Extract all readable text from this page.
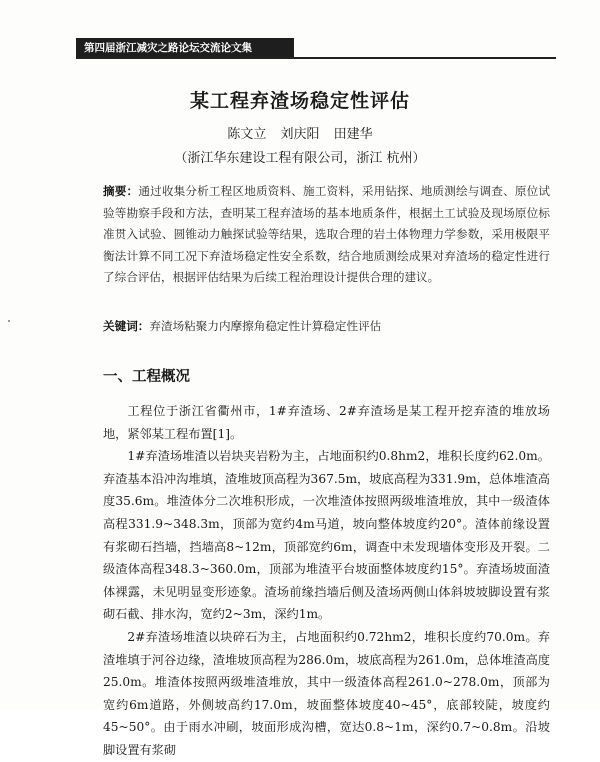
第四届浙江减灾之路论坛交流论文集
某工程弃渣场稳定性评估
陈文立 刘庆阳 田建华
（浙江华东建设工程有限公司，浙江 杭州）
摘要：通过收集分析工程区地质资料、施工资料，采用钻探、地质测绘与调查、原位试验等勘察手段和方法，查明某工程弃渣场的基本地质条件，根据土工试验及现场原位标准贯入试验、圆锥动力触探试验等结果，选取合理的岩土体物理力学参数，采用极限平衡法计算不同工况下弃渣场稳定性安全系数，结合地质测绘成果对弃渣场的稳定性进行了综合评估，根据评估结果为后续工程治理设计提供合理的建议。
关键词：弃渣场粘聚力内摩擦角稳定性计算稳定性评估
一、工程概况

工程位于浙江省衢州市，1#弃渣场、2#弃渣场是某工程开挖弃渣的堆放场地，紧邻某工程布置[1]。

1#弃渣场堆渣以岩块夹岩粉为主，占地面积约0.8hm2，堆积长度约62.0m。弃渣基本沿冲沟堆填，渣堆坡顶高程为367.5m，坡底高程为331.9m，总体堆渣高度35.6m。堆渣体分二次堆积形成，一次堆渣体按照两级堆渣堆放，其中一级渣体高程331.9~348.3m，顶部为宽约4m马道，坡向整体坡度约20°。渣体前缘设置有浆砌石挡墙，挡墙高8~12m，顶部宽约6m，调查中未发现墙体变形及开裂。二级渣体高程348.3~360.0m，顶部为堆渣平台坡面整体坡度约15°。弃渣场坡面渣体裸露，未见明显变形迹象。渣场前缘挡墙后侧及渣场两侧山体斜坡坡脚设置有浆砌石截、排水沟，宽约2~3m，深约1m。

2#弃渣场堆渣以块碎石为主，占地面积约0.72hm2，堆积长度约70.0m。弃渣堆填于河谷边缘，渣堆坡顶高程为286.0m，坡底高程为261.0m，总体堆渣高度25.0m。堆渣体按照两级堆渣堆放，其中一级渣体高程261.0~278.0m，顶部为宽约6m道路，外侧坡高约17.0m，坡面整体坡度40~45°，底部较陡，坡度约45~50°。由于雨水冲刷，坡面形成沟槽，宽达0.8~1m，深约0.7~0.8m。沿坡脚设置有浆砌
